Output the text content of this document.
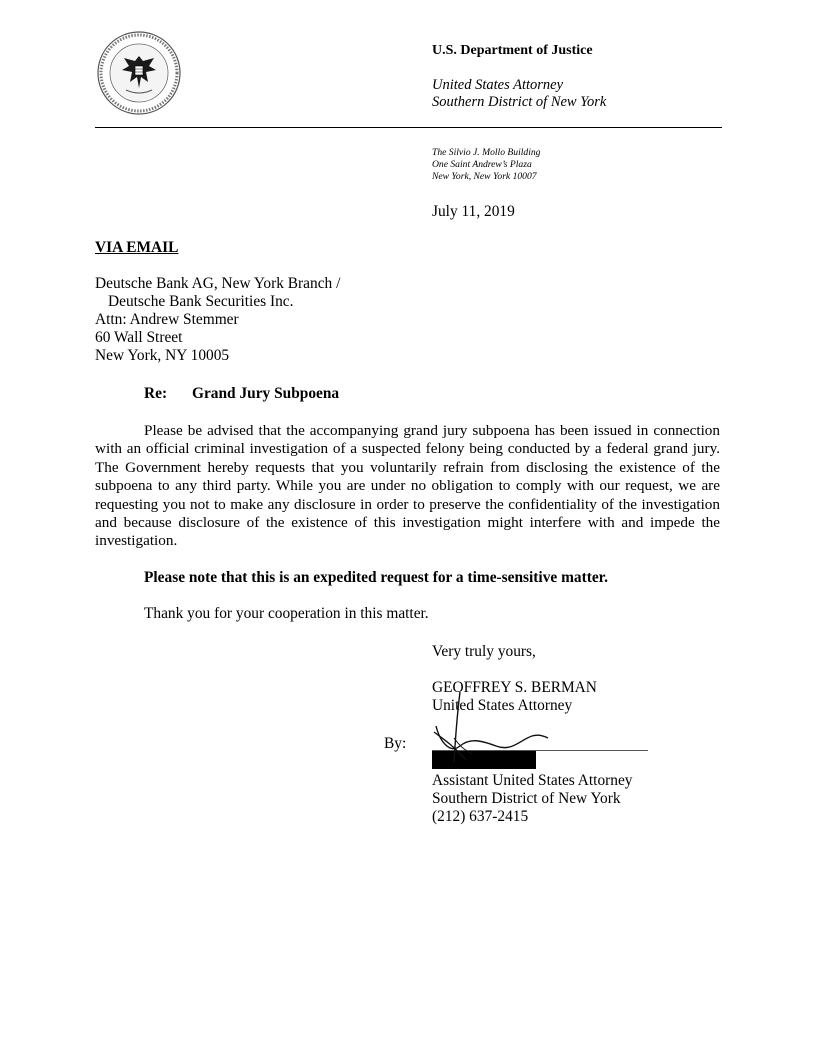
U.S. Department of Justice
United States Attorney
Southern District of New York
The Silvio J. Mollo Building
One Saint Andrew’s Plaza
New York, New York 10007
July 11, 2019
VIA EMAIL
Deutsche Bank AG, New York Branch /
Deutsche Bank Securities Inc.
Attn: Andrew Stemmer
60 Wall Street
New York, NY 10005
Re: Grand Jury Subpoena
Please be advised that the accompanying grand jury subpoena has been issued in connection with an official criminal investigation of a suspected felony being conducted by a federal grand jury. The Government hereby requests that you voluntarily refrain from disclosing the existence of the subpoena to any third party. While you are under no obligation to comply with our request, we are requesting you not to make any disclosure in order to preserve the confidentiality of the investigation and because disclosure of the existence of this investigation might interfere with and impede the investigation.
Please note that this is an expedited request for a time-sensitive matter.
Thank you for your cooperation in this matter.
Very truly yours,
GEOFFREY S. BERMAN
United States Attorney
By:
Assistant United States Attorney
Southern District of New York
(212) 637-2415
